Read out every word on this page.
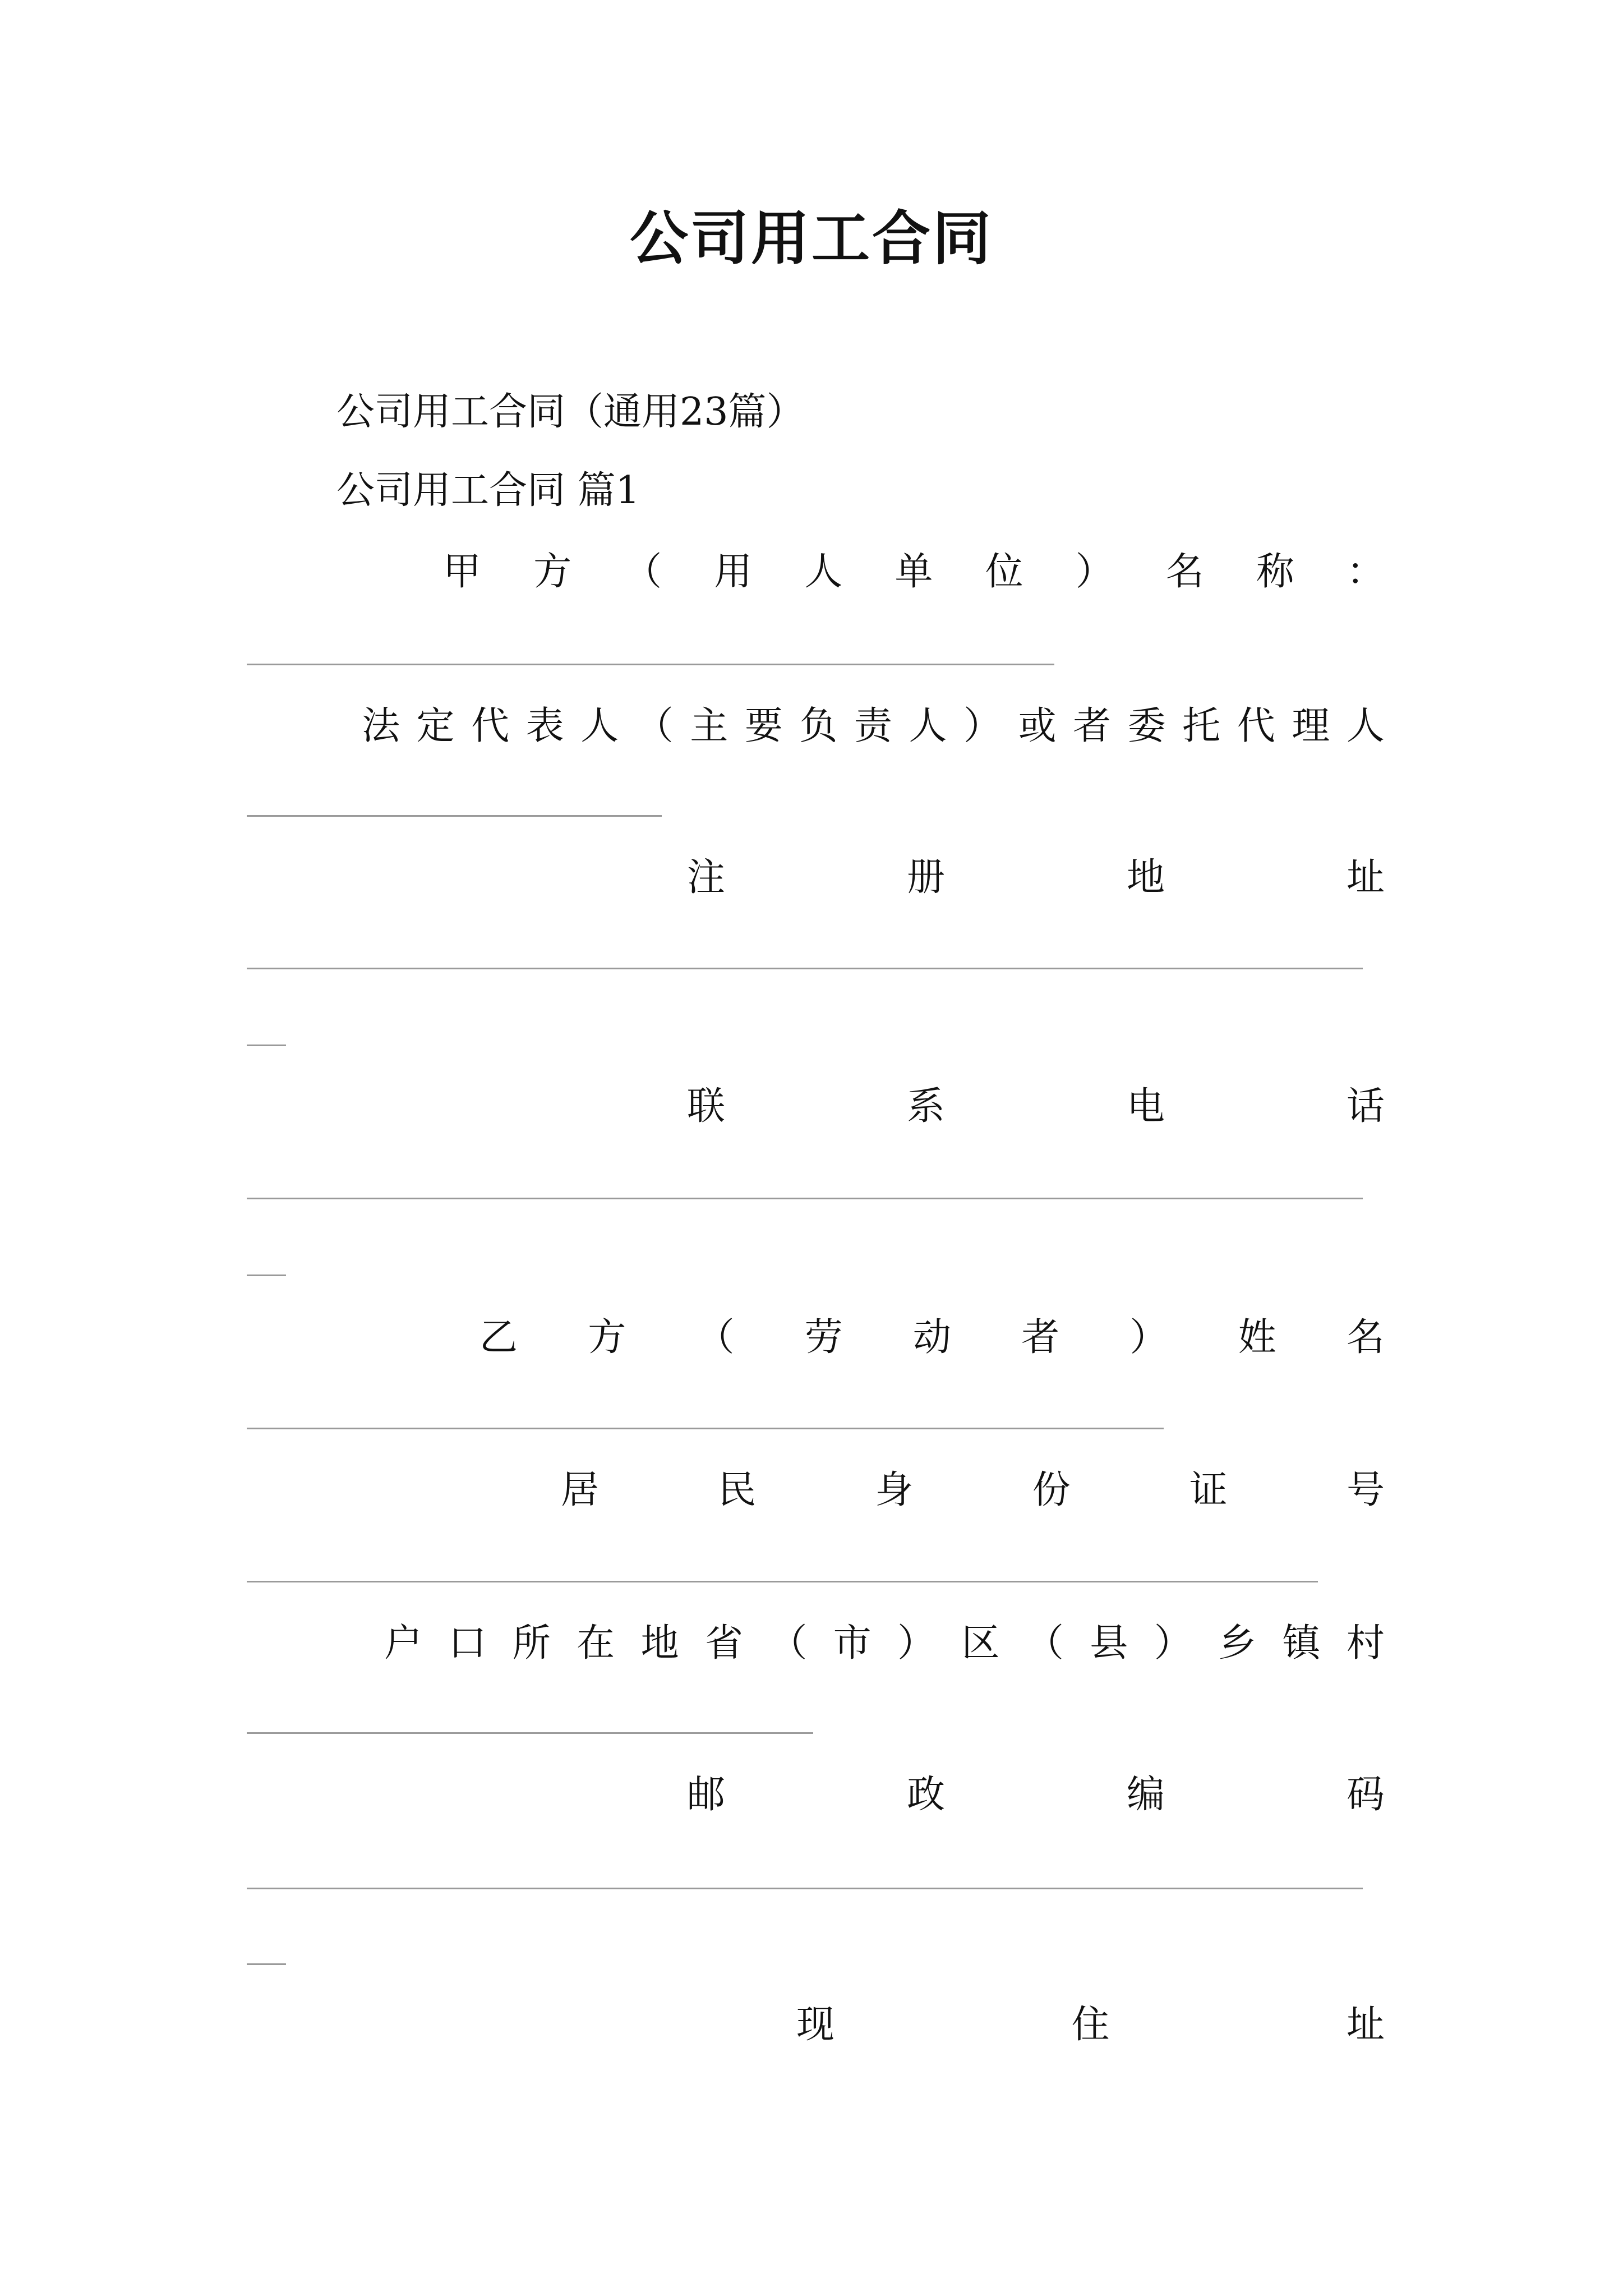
公司用工合同
公司用工合同（通用23篇）
公司用工合同 篇1
甲 方 （ 用 人 单 位 ） 名 称 ：
法 定 代 表 人 （ 主 要 负 责 人 ） 或 者 委 托 代 理 人
注	册	地	址
联	系	电	话
乙 方 （ 劳 动 者 ） 姓 名
居	民	身	份	证	号
户 口 所 在 地 省 （ 市 ） 区 （ 县 ） 乡 镇 村
邮	政	编	码
现	住	址
